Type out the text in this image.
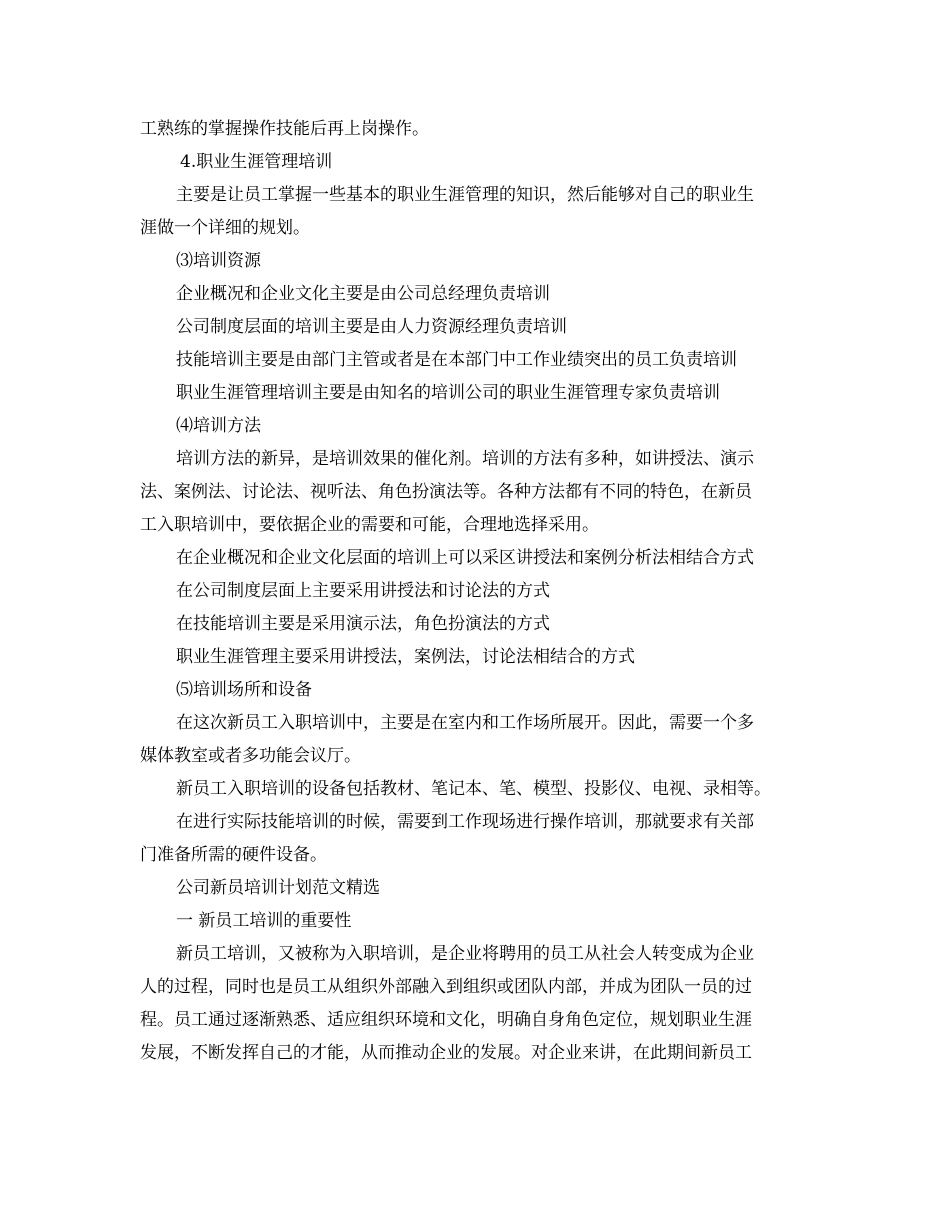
工熟练的掌握操作技能后再上岗操作。
4.职业生涯管理培训
主要是让员工掌握一些基本的职业生涯管理的知识，然后能够对自己的职业生
涯做一个详细的规划。
⑶培训资源
企业概况和企业文化主要是由公司总经理负责培训
公司制度层面的培训主要是由人力资源经理负责培训
技能培训主要是由部门主管或者是在本部门中工作业绩突出的员工负责培训
职业生涯管理培训主要是由知名的培训公司的职业生涯管理专家负责培训
⑷培训方法
培训方法的新异，是培训效果的催化剂。培训的方法有多种，如讲授法、演示
法、案例法、讨论法、视听法、角色扮演法等。各种方法都有不同的特色，在新员
工入职培训中，要依据企业的需要和可能，合理地选择采用。
在企业概况和企业文化层面的培训上可以采区讲授法和案例分析法相结合方式
在公司制度层面上主要采用讲授法和讨论法的方式
在技能培训主要是采用演示法，角色扮演法的方式
职业生涯管理主要采用讲授法，案例法，讨论法相结合的方式
⑸培训场所和设备
在这次新员工入职培训中，主要是在室内和工作场所展开。因此，需要一个多
媒体教室或者多功能会议厅。
新员工入职培训的设备包括教材、笔记本、笔、模型、投影仪、电视、录相等。
在进行实际技能培训的时候，需要到工作现场进行操作培训，那就要求有关部
门准备所需的硬件设备。
公司新员培训计划范文精选
一 新员工培训的重要性
新员工培训，又被称为入职培训，是企业将聘用的员工从社会人转变成为企业
人的过程，同时也是员工从组织外部融入到组织或团队内部，并成为团队一员的过
程。员工通过逐渐熟悉、适应组织环境和文化，明确自身角色定位，规划职业生涯
发展，不断发挥自己的才能，从而推动企业的发展。对企业来讲，在此期间新员工
